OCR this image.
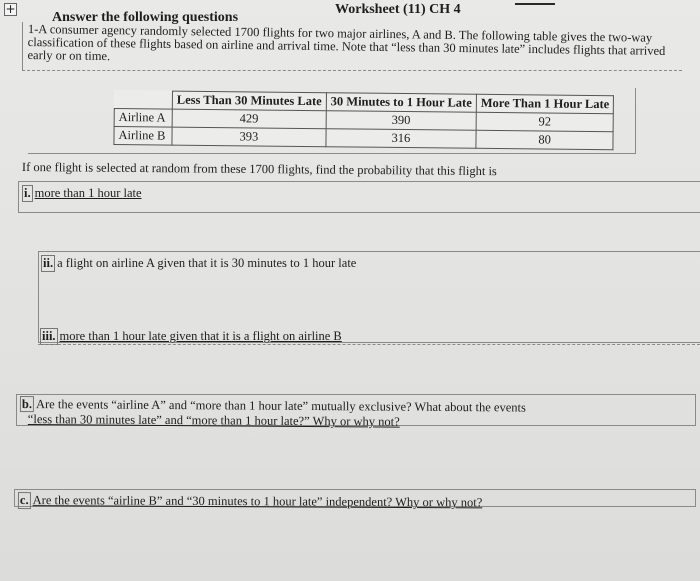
Worksheet (11) CH 4
+
Answer the following questions
1-A consumer agency randomly selected 1700 flights for two major airlines, A and B. The following table gives the two-way classification of these flights based on airline and arrival time. Note that “less than 30 minutes late” includes flights that arrived early or on time.
	Less Than 30 Minutes Late	30 Minutes to 1 Hour Late	More Than 1 Hour Late
Airline A	429	390	92
Airline B	393	316	80
If one flight is selected at random from these 1700 flights, find the probability that this flight is
i. more than 1 hour late
ii. a flight on airline A given that it is 30 minutes to 1 hour late
iii. more than 1 hour late given that it is a flight on airline B
b. Are the events “airline A” and “more than 1 hour late” mutually exclusive? What about the events
“less than 30 minutes late” and “more than 1 hour late?” Why or why not?
c. Are the events “airline B” and “30 minutes to 1 hour late” independent? Why or why not?
